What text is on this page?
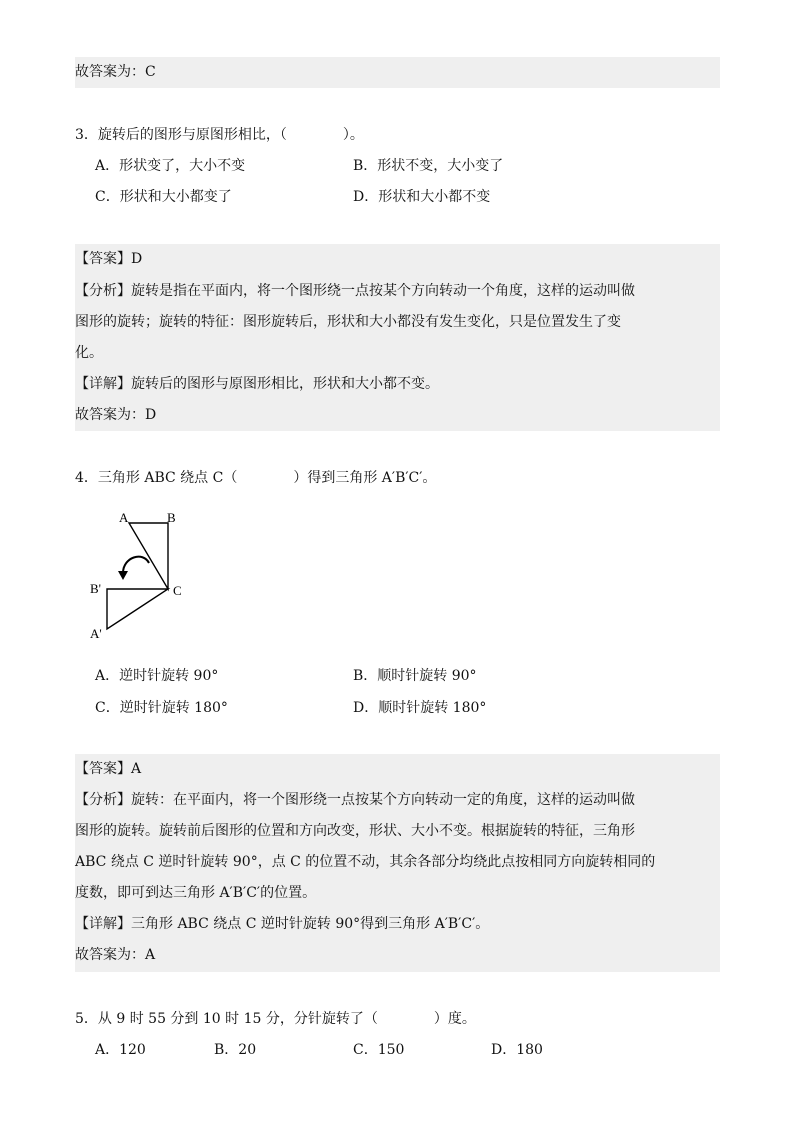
故答案为：C
3．旋转后的图形与原图形相比，（　　　　）。
A．形状变了，大小不变	B．形状不变，大小变了
C．形状和大小都变了	D．形状和大小都不变
【答案】D
【分析】旋转是指在平面内，将一个图形绕一点按某个方向转动一个角度，这样的运动叫做
图形的旋转；旋转的特征：图形旋转后，形状和大小都没有发生变化，只是位置发生了变
化。
【详解】旋转后的图形与原图形相比，形状和大小都不变。
故答案为：D
4．三角形 ABC 绕点 C（　　　　）得到三角形 A′B′C′。
A	B
C
B'
A'
A．逆时针旋转 90°	B．顺时针旋转 90°
C．逆时针旋转 180°	D．顺时针旋转 180°
【答案】A
【分析】旋转：在平面内，将一个图形绕一点按某个方向转动一定的角度，这样的运动叫做
图形的旋转。旋转前后图形的位置和方向改变，形状、大小不变。根据旋转的特征，三角形
ABC 绕点 C 逆时针旋转 90°，点 C 的位置不动，其余各部分均绕此点按相同方向旋转相同的
度数，即可到达三角形 A′B′C′的位置。
【详解】三角形 ABC 绕点 C 逆时针旋转 90°得到三角形 A′B′C′。
故答案为：A
5．从 9 时 55 分到 10 时 15 分，分针旋转了（　　　　）度。
A．120	B．20	C．150	D．180
